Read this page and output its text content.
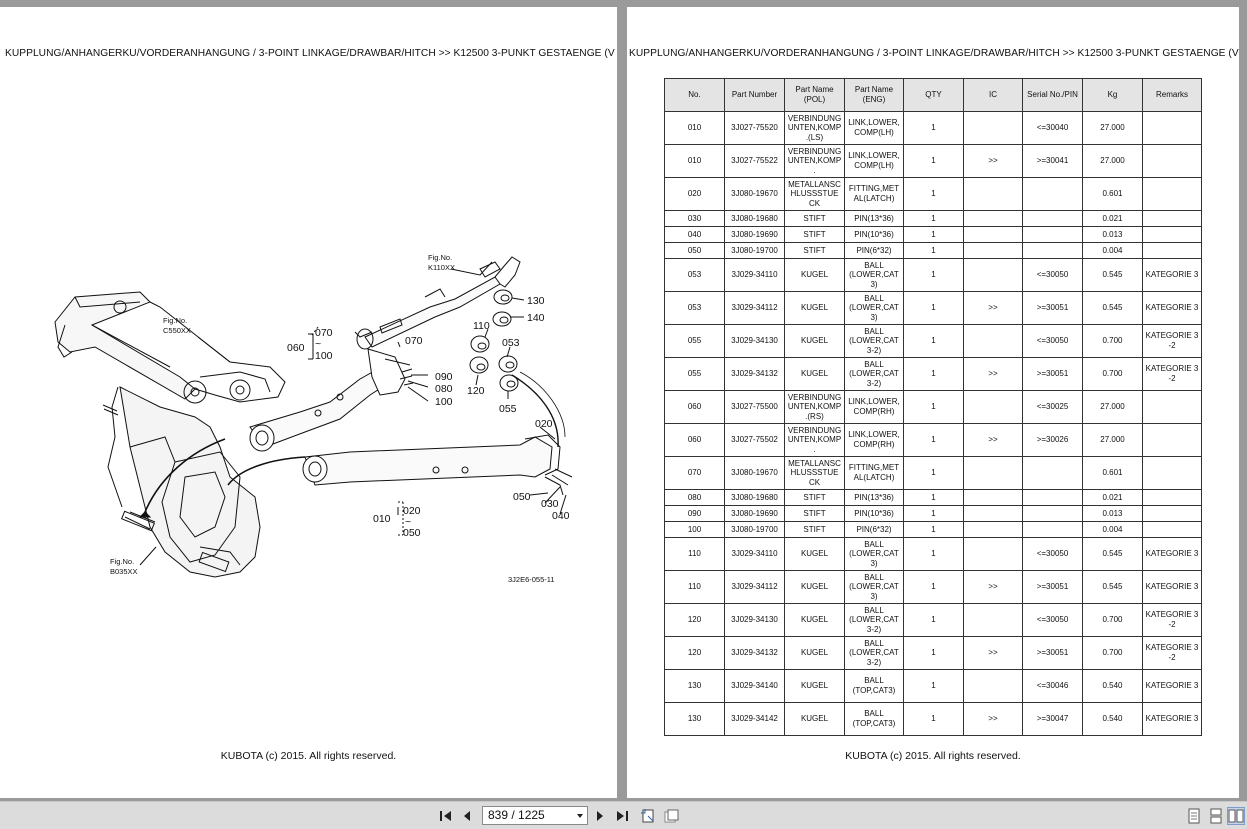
KUPPLUNG/ANHANGERKU/VORDERANHANGUNG / 3-POINT LINKAGE/DRAWBAR/HITCH >> K12500 3-PUNKT GESTAENGE (V
Fig.No.
K110XX
Fig.No.
C550XX
Fig.No.
B035XX
130
140
110
053
070
060
100
070
090
080
100
120
055
020
050
030
040
020
010
050
~
~
3J2E6-055-11
KUBOTA (c) 2015. All rights reserved.
KUPPLUNG/ANHANGERKU/VORDERANHANGUNG / 3-POINT LINKAGE/DRAWBAR/HITCH >> K12500 3-PUNKT GESTAENGE (V
No.	Part Number	Part Name
(POL)	Part Name
(ENG)	QTY	IC	Serial No./PIN	Kg	Remarks
010	3J027-75520	VERBINDUNG
UNTEN,KOMP
.(LS)	LINK,LOWER,
COMP(LH)	1		<=30040	27.000	
010	3J027-75522	VERBINDUNG
UNTEN,KOMP
.	LINK,LOWER,
COMP(LH)	1	>>	>=30041	27.000	
020	3J080-19670	METALLANSC
HLUSSSTUE
CK	FITTING,MET
AL(LATCH)	1			0.601	
030	3J080-19680	STIFT	PIN(13*36)	1			0.021	
040	3J080-19690	STIFT	PIN(10*36)	1			0.013	
050	3J080-19700	STIFT	PIN(6*32)	1			0.004	
053	3J029-34110	KUGEL	BALL
(LOWER,CAT
3)	1		<=30050	0.545	KATEGORIE 3
053	3J029-34112	KUGEL	BALL
(LOWER,CAT
3)	1	>>	>=30051	0.545	KATEGORIE 3
055	3J029-34130	KUGEL	BALL
(LOWER,CAT
3-2)	1		<=30050	0.700	KATEGORIE 3
-2
055	3J029-34132	KUGEL	BALL
(LOWER,CAT
3-2)	1	>>	>=30051	0.700	KATEGORIE 3
-2
060	3J027-75500	VERBINDUNG
UNTEN,KOMP
.(RS)	LINK,LOWER,
COMP(RH)	1		<=30025	27.000	
060	3J027-75502	VERBINDUNG
UNTEN,KOMP
.	LINK,LOWER,
COMP(RH)	1	>>	>=30026	27.000	
070	3J080-19670	METALLANSC
HLUSSSTUE
CK	FITTING,MET
AL(LATCH)	1			0.601	
080	3J080-19680	STIFT	PIN(13*36)	1			0.021	
090	3J080-19690	STIFT	PIN(10*36)	1			0.013	
100	3J080-19700	STIFT	PIN(6*32)	1			0.004	
110	3J029-34110	KUGEL	BALL
(LOWER,CAT
3)	1		<=30050	0.545	KATEGORIE 3
110	3J029-34112	KUGEL	BALL
(LOWER,CAT
3)	1	>>	>=30051	0.545	KATEGORIE 3
120	3J029-34130	KUGEL	BALL
(LOWER,CAT
3-2)	1		<=30050	0.700	KATEGORIE 3
-2
120	3J029-34132	KUGEL	BALL
(LOWER,CAT
3-2)	1	>>	>=30051	0.700	KATEGORIE 3
-2
130	3J029-34140	KUGEL	BALL
(TOP,CAT3)	1		<=30046	0.540	KATEGORIE 3
130	3J029-34142	KUGEL	BALL
(TOP,CAT3)	1	>>	>=30047	0.540	KATEGORIE 3
KUBOTA (c) 2015. All rights reserved.
839 / 1225
